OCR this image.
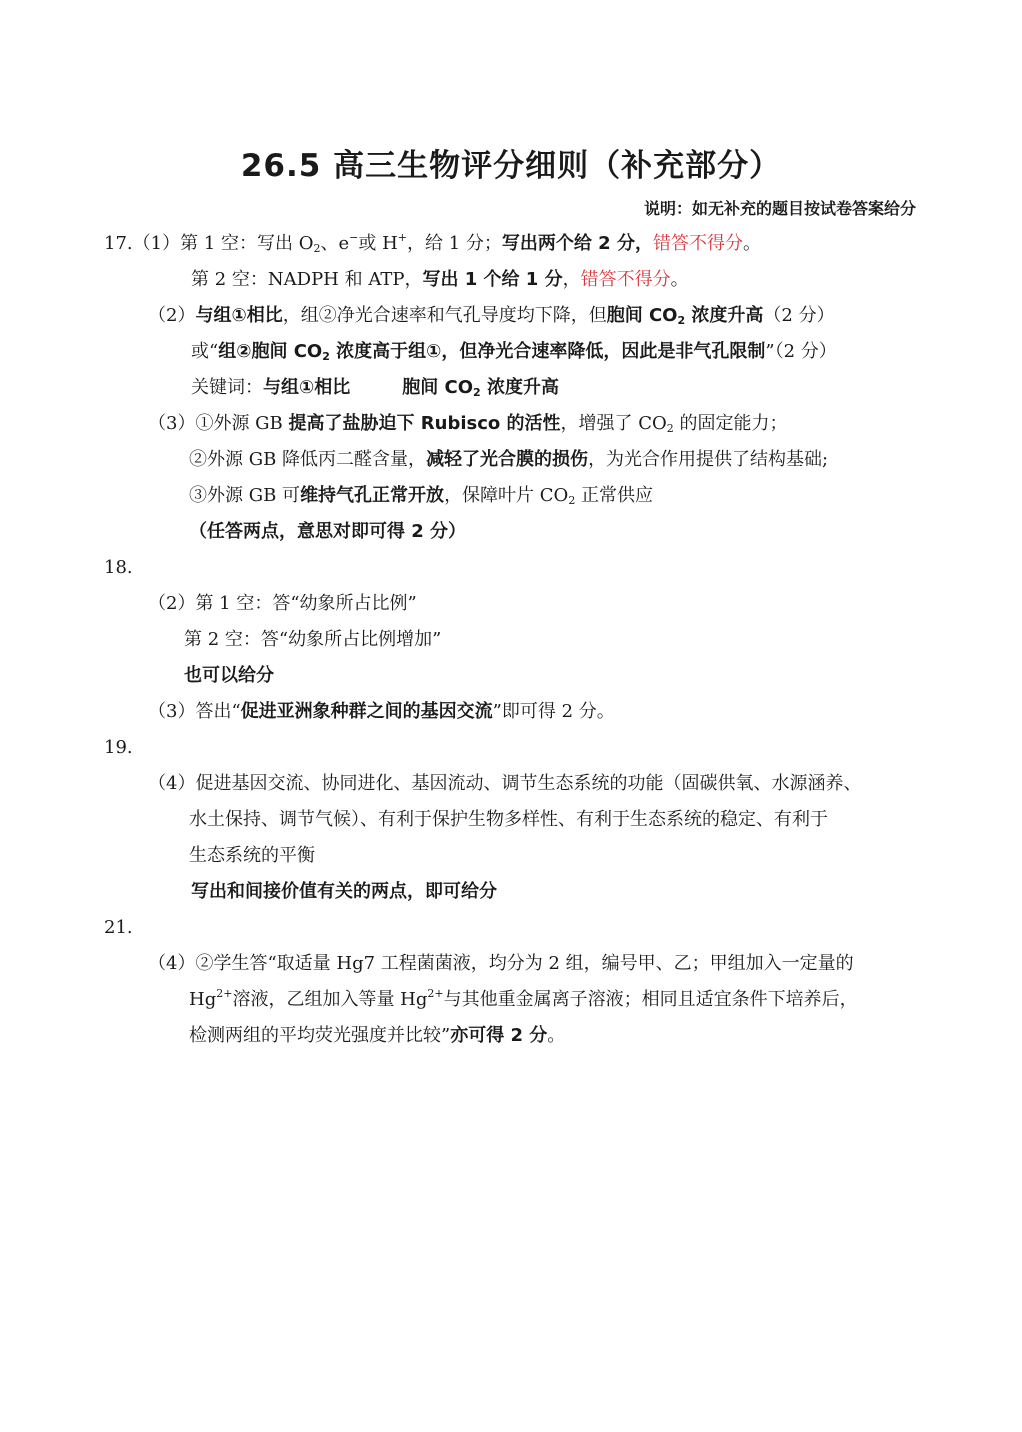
26.5 高三生物评分细则（补充部分）
说明：如无补充的题目按试卷答案给分
17.（1）第 1 空：写出 $O_2$、e−或 H+，给 1 分；写出两个给 2 分，错答不得分。
第 2 空：NADPH 和 ATP，写出 1 个给 1 分，错答不得分。
（2）与组①相比，组②净光合速率和气孔导度均下降，但胞间 $CO_2$ 浓度升高（2 分）
或“组②胞间 $CO_2$ 浓度高于组①，但净光合速率降低，因此是非气孔限制”（2 分）
关键词：与组①相比	胞间 $CO_2$ 浓度升高
（3）①外源 GB 提高了盐胁迫下 Rubisco 的活性，增强了 $CO_2$ 的固定能力；
②外源 GB 降低丙二醛含量，减轻了光合膜的损伤，为光合作用提供了结构基础;
③外源 GB 可维持气孔正常开放，保障叶片 $CO_2$ 正常供应
（任答两点，意思对即可得 2 分）
18.
（2）第 1 空：答“幼象所占比例”
第 2 空：答“幼象所占比例增加”
也可以给分
（3）答出“促进亚洲象种群之间的基因交流”即可得 2 分。
19.
（4）促进基因交流、协同进化、基因流动、调节生态系统的功能（固碳供氧、水源涵养、
水土保持、调节气候）、有利于保护生物多样性、有利于生态系统的稳定、有利于
生态系统的平衡
写出和间接价值有关的两点，即可给分
21.
（4）②学生答“取适量 Hg7 工程菌菌液，均分为 2 组，编号甲、乙；甲组加入一定量的
$Hg^{2+}$溶液，乙组加入等量 $Hg^{2+}$与其他重金属离子溶液；相同且适宜条件下培养后，
检测两组的平均荧光强度并比较”亦可得 2 分。
